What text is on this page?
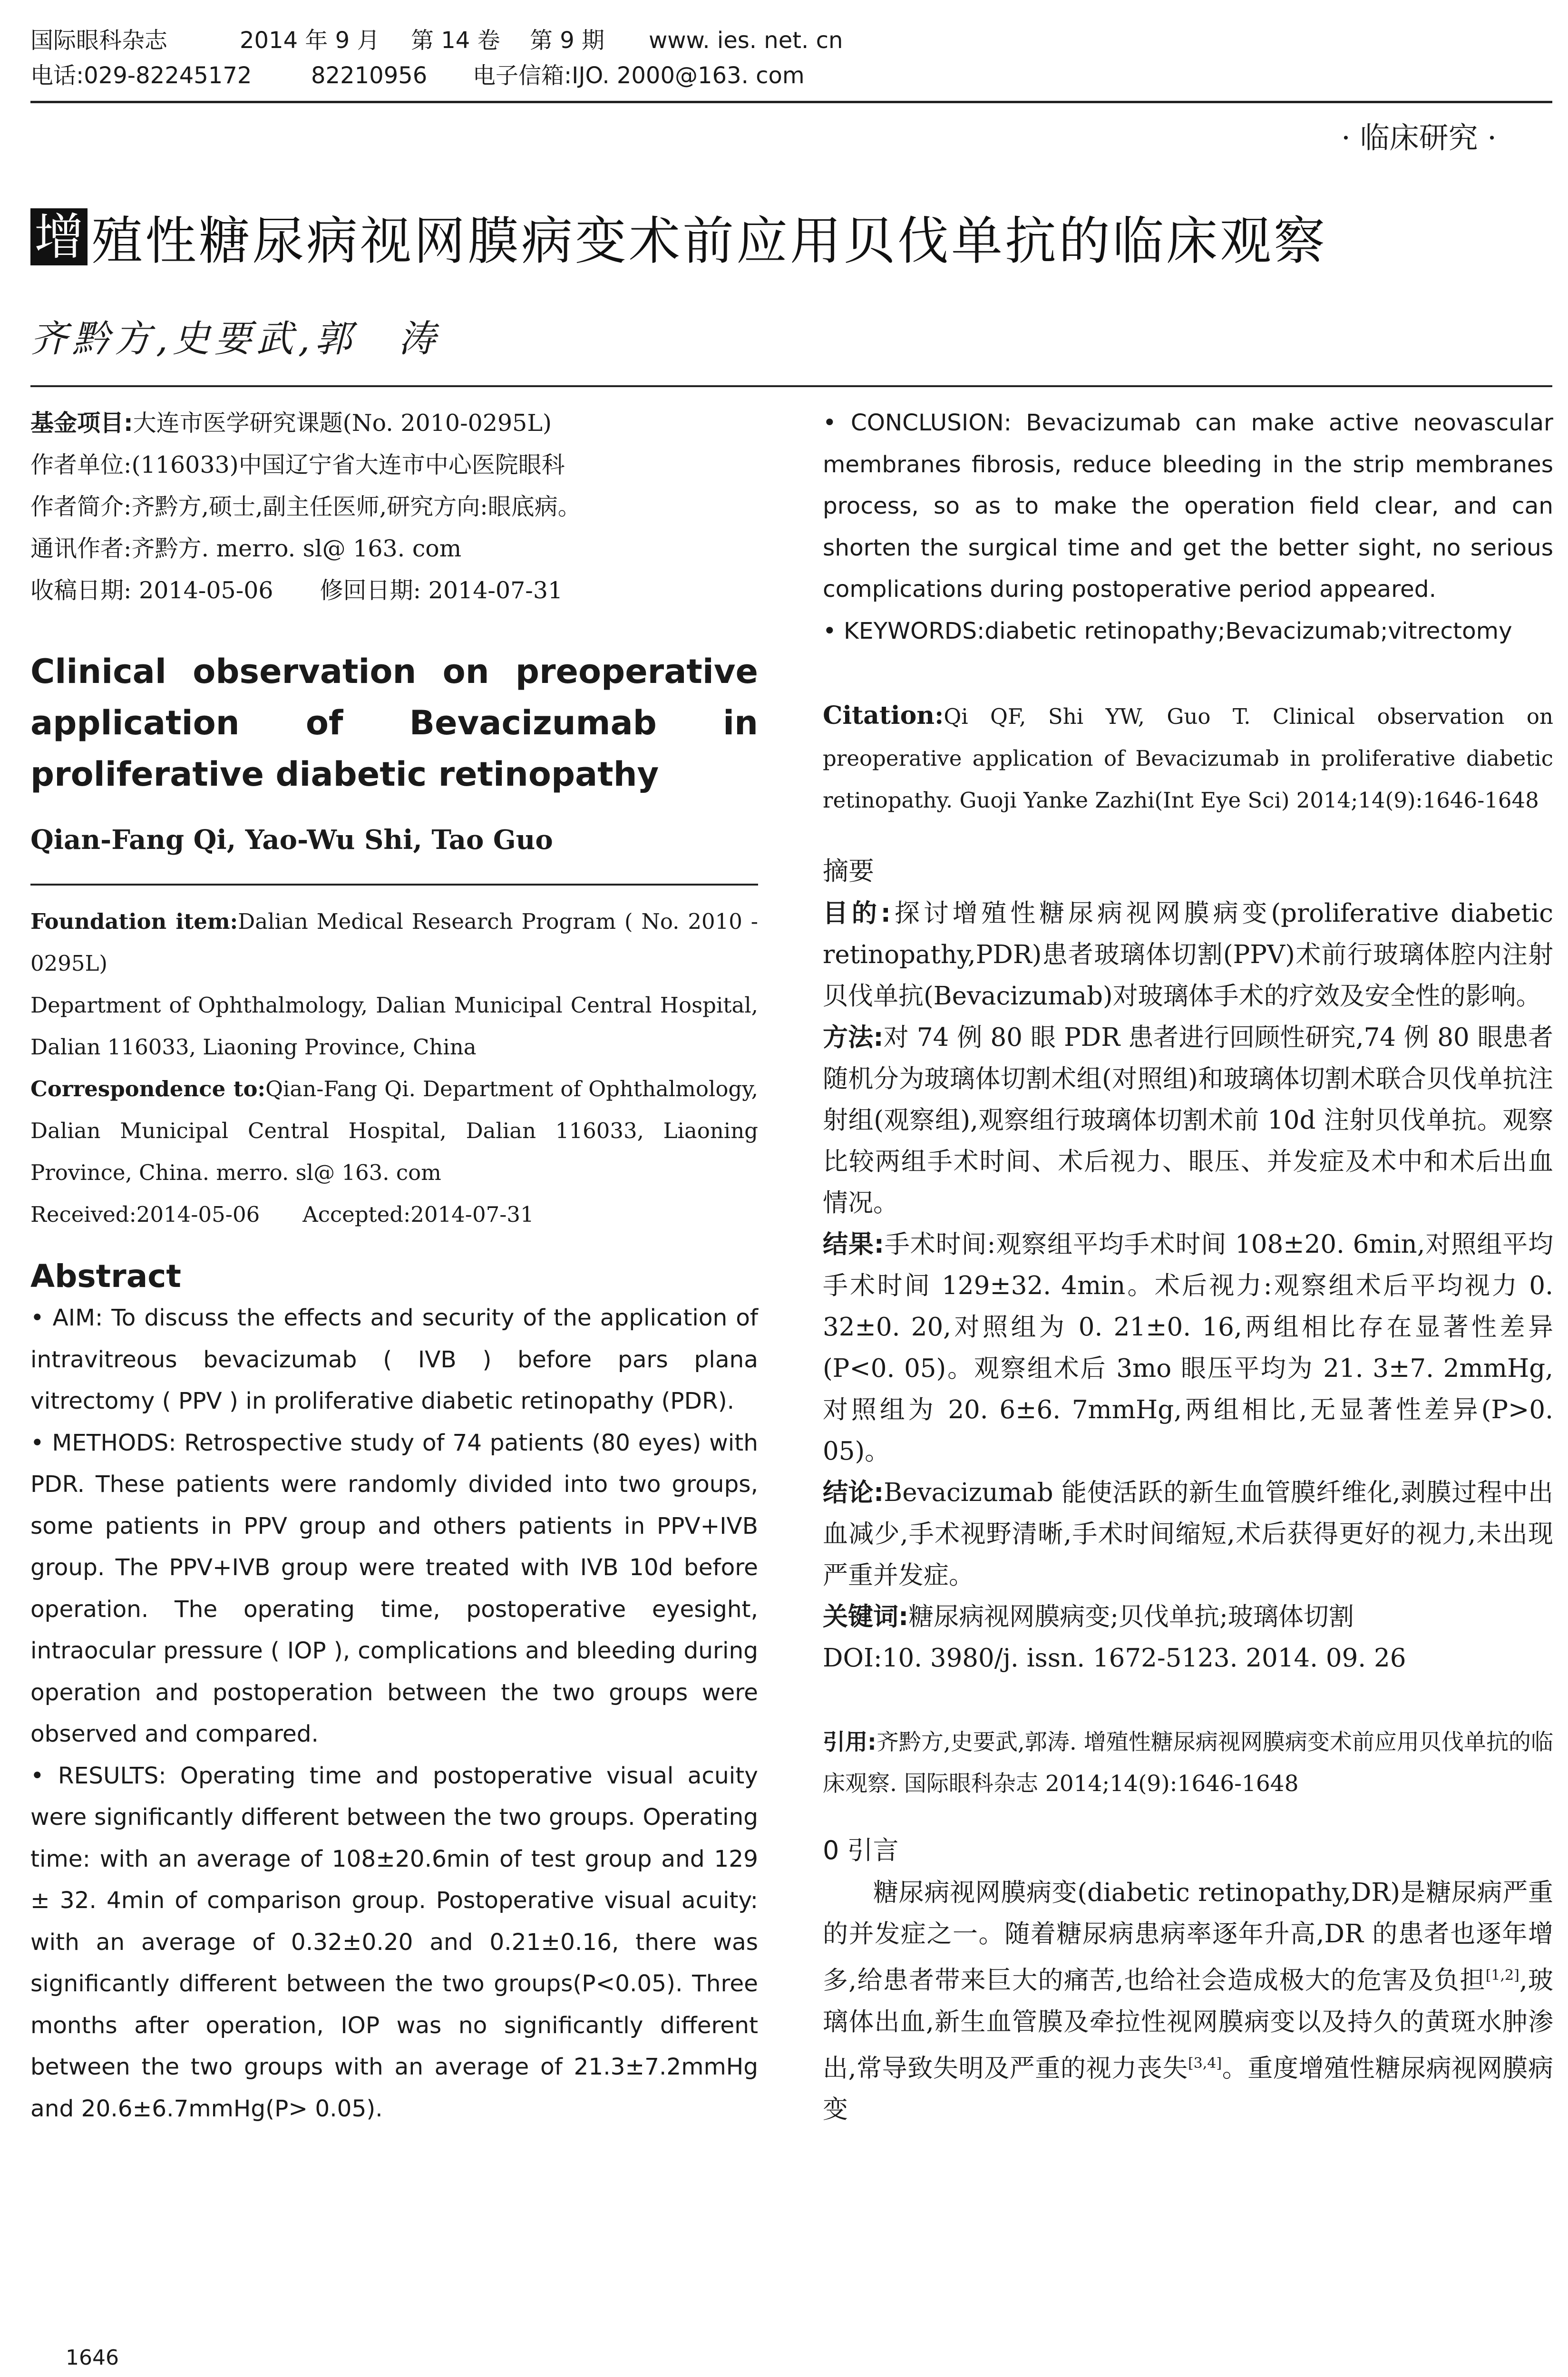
国际眼科杂志	2014 年 9 月	第 14 卷	第 9 期	www. ies. net. cn
电话:029-82245172	82210956	电子信箱:IJO. 2000@163. com
· 临床研究 ·
增 殖性糖尿病视网膜病变术前应用贝伐单抗的临床观察
齐黔方,史要武,郭　涛
基金项目:大连市医学研究课题(No. 2010-0295L)
作者单位:(116033)中国辽宁省大连市中心医院眼科
作者简介:齐黔方,硕士,副主任医师,研究方向:眼底病。
通讯作者:齐黔方. merro. sl@ 163. com
收稿日期: 2014-05-06　　修回日期: 2014-07-31
Clinical observation on preoperative application of Bevacizumab in proliferative diabetic retinopathy
Qian-Fang Qi, Yao-Wu Shi, Tao Guo
Foundation item:Dalian Medical Research Program ( No. 2010 - 0295L)
Department of Ophthalmology, Dalian Municipal Central Hospital, Dalian 116033, Liaoning Province, China
Correspondence to:Qian-Fang Qi. Department of Ophthalmology, Dalian Municipal Central Hospital, Dalian 116033, Liaoning Province, China. merro. sl@ 163. com
Received:2014-05-06　　Accepted:2014-07-31
Abstract
• AIM: To discuss the effects and security of the application of intravitreous bevacizumab ( IVB ) before pars plana vitrectomy ( PPV ) in proliferative diabetic retinopathy (PDR).
• METHODS: Retrospective study of 74 patients (80 eyes) with PDR. These patients were randomly divided into two groups, some patients in PPV group and others patients in PPV+IVB group. The PPV+IVB group were treated with IVB 10d before operation. The operating time, postoperative eyesight, intraocular pressure ( IOP ), complications and bleeding during operation and postoperation between the two groups were observed and compared.
• RESULTS: Operating time and postoperative visual acuity were significantly different between the two groups. Operating time: with an average of 108±20.6min of test group and 129 ± 32. 4min of comparison group. Postoperative visual acuity: with an average of 0.32±0.20 and 0.21±0.16, there was significantly different between the two groups(P<0.05). Three months after operation, IOP was no significantly different between the two groups with an average of 21.3±7.2mmHg and 20.6±6.7mmHg(P> 0.05).
1646
• CONCLUSION: Bevacizumab can make active neovascular membranes fibrosis, reduce bleeding in the strip membranes process, so as to make the operation field clear, and can shorten the surgical time and get the better sight, no serious complications during postoperative period appeared.
• KEYWORDS:diabetic retinopathy;Bevacizumab;vitrectomy
Citation:Qi QF, Shi YW, Guo T. Clinical observation on preoperative application of Bevacizumab in proliferative diabetic retinopathy. Guoji Yanke Zazhi(Int Eye Sci) 2014;14(9):1646-1648
摘要
目的:探讨增殖性糖尿病视网膜病变(proliferative diabetic retinopathy,PDR)患者玻璃体切割(PPV)术前行玻璃体腔内注射贝伐单抗(Bevacizumab)对玻璃体手术的疗效及安全性的影响。
方法:对 74 例 80 眼 PDR 患者进行回顾性研究,74 例 80 眼患者随机分为玻璃体切割术组(对照组)和玻璃体切割术联合贝伐单抗注射组(观察组),观察组行玻璃体切割术前 10d 注射贝伐单抗。观察比较两组手术时间、术后视力、眼压、并发症及术中和术后出血情况。
结果:手术时间:观察组平均手术时间 108±20. 6min,对照组平均手术时间 129±32. 4min。术后视力:观察组术后平均视力 0. 32±0. 20,对照组为 0. 21±0. 16,两组相比存在显著性差异(P<0. 05)。观察组术后 3mo 眼压平均为 21. 3±7. 2mmHg,对照组为 20. 6±6. 7mmHg,两组相比,无显著性差异(P>0. 05)。
结论:Bevacizumab 能使活跃的新生血管膜纤维化,剥膜过程中出血减少,手术视野清晰,手术时间缩短,术后获得更好的视力,未出现严重并发症。
关键词:糖尿病视网膜病变;贝伐单抗;玻璃体切割
DOI:10. 3980/j. issn. 1672-5123. 2014. 09. 26
引用:齐黔方,史要武,郭涛. 增殖性糖尿病视网膜病变术前应用贝伐单抗的临床观察. 国际眼科杂志 2014;14(9):1646-1648
0 引言
糖尿病视网膜病变(diabetic retinopathy,DR)是糖尿病严重的并发症之一。随着糖尿病患病率逐年升高,DR 的患者也逐年增多,给患者带来巨大的痛苦,也给社会造成极大的危害及负担[1,2],玻璃体出血,新生血管膜及牵拉性视网膜病变以及持久的黄斑水肿渗出,常导致失明及严重的视力丧失[3,4]。重度增殖性糖尿病视网膜病变
